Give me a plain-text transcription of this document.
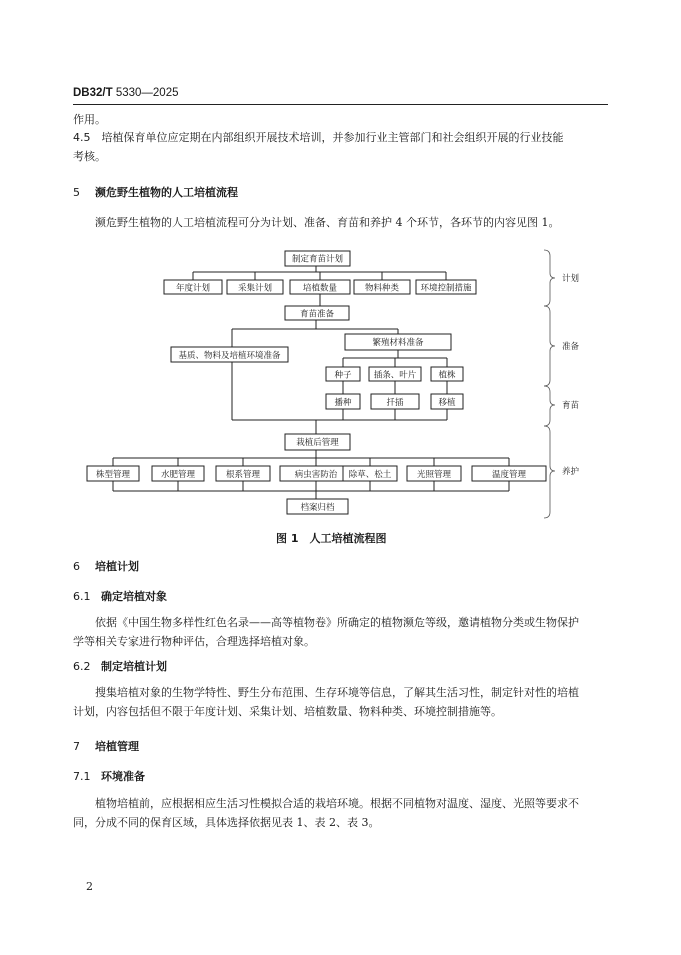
DB32/T 5330—2025
作用。
4.5　 培植保育单位应定期在内部组织开展技术培训，并参加行业主管部门和社会组织开展的行业技能
考核。
5 濒危野生植物的人工培植流程
濒危野生植物的人工培植流程可分为计划、准备、育苗和养护 4 个环节，各环节的内容见图 1。
制定育苗计划
年度计划	采集计划	培植数量	物料种类	环境控制措施
育苗准备
繁殖材料准备
基质、物料及培植环境准备
种子	插条、叶片	植株
播种	扦插	移植
栽植后管理
株型管理	水肥管理	根系管理	病虫害防治 除草、松土	光照管理	温度管理
档案归档
计划
准备
育苗
养护
图 1　人工培植流程图
6 培植计划
6.1 确定培植对象
依据《中国生物多样性红色名录——高等植物卷》所确定的植物濒危等级，邀请植物分类或生物保护
学等相关专家进行物种评估，合理选择培植对象。
6.2 制定培植计划
搜集培植对象的生物学特性、野生分布范围、生存环境等信息，了解其生活习性，制定针对性的培植
计划，内容包括但不限于年度计划、采集计划、培植数量、物料种类、环境控制措施等。
7 培植管理
7.1 环境准备
植物培植前，应根据相应生活习性模拟合适的栽培环境。根据不同植物对温度、湿度、光照等要求不
同，分成不同的保育区域，具体选择依据见表 1、表 2、表 3。
2
